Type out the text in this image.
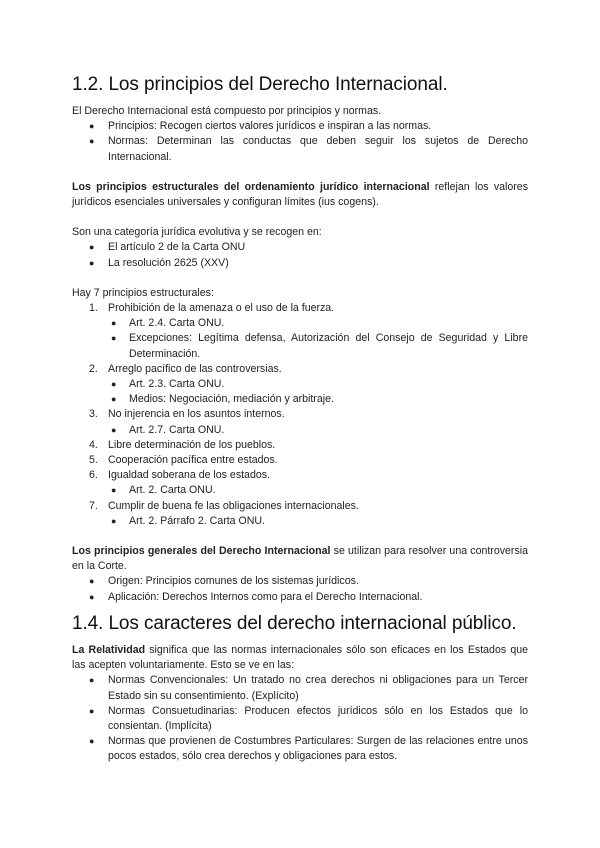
1.2. Los principios del Derecho Internacional.

El Derecho Internacional está compuesto por principios y normas.

●	Principios: Recogen ciertos valores jurídicos e inspiran a las normas.
●	Normas: Determinan las conductas que deben seguir los sujetos de Derecho Internacional.

Los principios estructurales del ordenamiento jurídico internacional reflejan los valores jurídicos esenciales universales y configuran límites (ius cogens).

Son una categoría jurídica evolutiva y se recogen en:

●	El artículo 2 de la Carta ONU
●	La resolución 2625 (XXV)

Hay 7 principios estructurales:

1. Prohibición de la amenaza o el uso de la fuerza.
●	Art. 2.4. Carta ONU.
●	Excepciones: Legítima defensa, Autorización del Consejo de Seguridad y Libre Determinación.
2. Arreglo pacífico de las controversias.
●	Art. 2.3. Carta ONU.
●	Medios: Negociación, mediación y arbitraje.
3. No injerencia en los asuntos internos.
●	Art. 2.7. Carta ONU.
4. Libre determinación de los pueblos.
5. Cooperación pacífica entre estados.
6. Igualdad soberana de los estados.
●	Art. 2. Carta ONU.
7. Cumplir de buena fe las obligaciones internacionales.
●	Art. 2. Párrafo 2. Carta ONU.

Los principios generales del Derecho Internacional se utilizan para resolver una controversia en la Corte.

●	Origen: Principios comunes de los sistemas jurídicos.
●	Aplicación: Derechos Internos como para el Derecho Internacional.
1.4. Los caracteres del derecho internacional público.

La Relatividad significa que las normas internacionales sólo son eficaces en los Estados que las acepten voluntariamente. Esto se ve en las:

●	Normas Convencionales: Un tratado no crea derechos ni obligaciones para un Tercer Estado sin su consentimiento. (Explícito)
●	Normas Consuetudinarias: Producen efectos jurídicos sólo en los Estados que lo consientan. (Implícita)
●	Normas que provienen de Costumbres Particulares: Surgen de las relaciones entre unos pocos estados, sólo crea derechos y obligaciones para estos.
